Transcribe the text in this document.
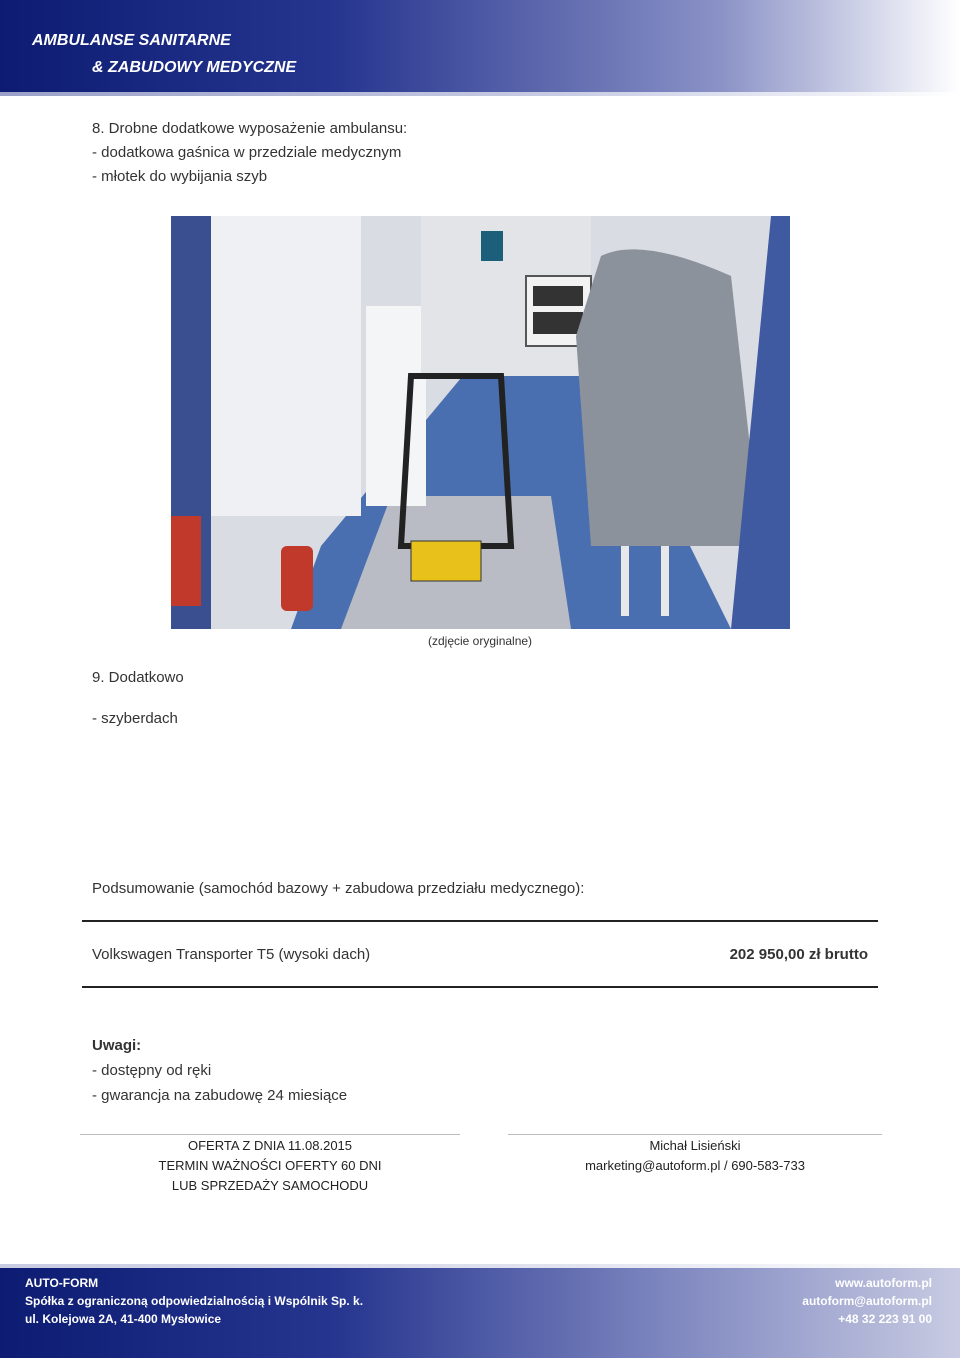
AMBULANSE SANITARNE
& ZABUDOWY MEDYCZNE
8. Drobne dodatkowe wyposażenie ambulansu:
- dodatkowa gaśnica w przedziale medycznym
- młotek do wybijania szyb
(zdjęcie oryginalne)
9. Dodatkowo
- szyberdach
Podsumowanie (samochód bazowy + zabudowa przedziału medycznego):
Volkswagen Transporter T5 (wysoki dach)	202 950,00 zł brutto
Uwagi:
- dostępny od ręki
- gwarancja na zabudowę 24 miesiące
OFERTA Z DNIA 11.08.2015
TERMIN WAŻNOŚCI OFERTY 60 DNI
LUB SPRZEDAŻY SAMOCHODU
Michał Lisieński
marketing@autoform.pl / 690-583-733
AUTO-FORM
Spółka z ograniczoną odpowiedzialnością i Wspólnik Sp. k.
ul. Kolejowa 2A, 41-400 Mysłowice
www.autoform.pl
autoform@autoform.pl
+48 32 223 91 00
